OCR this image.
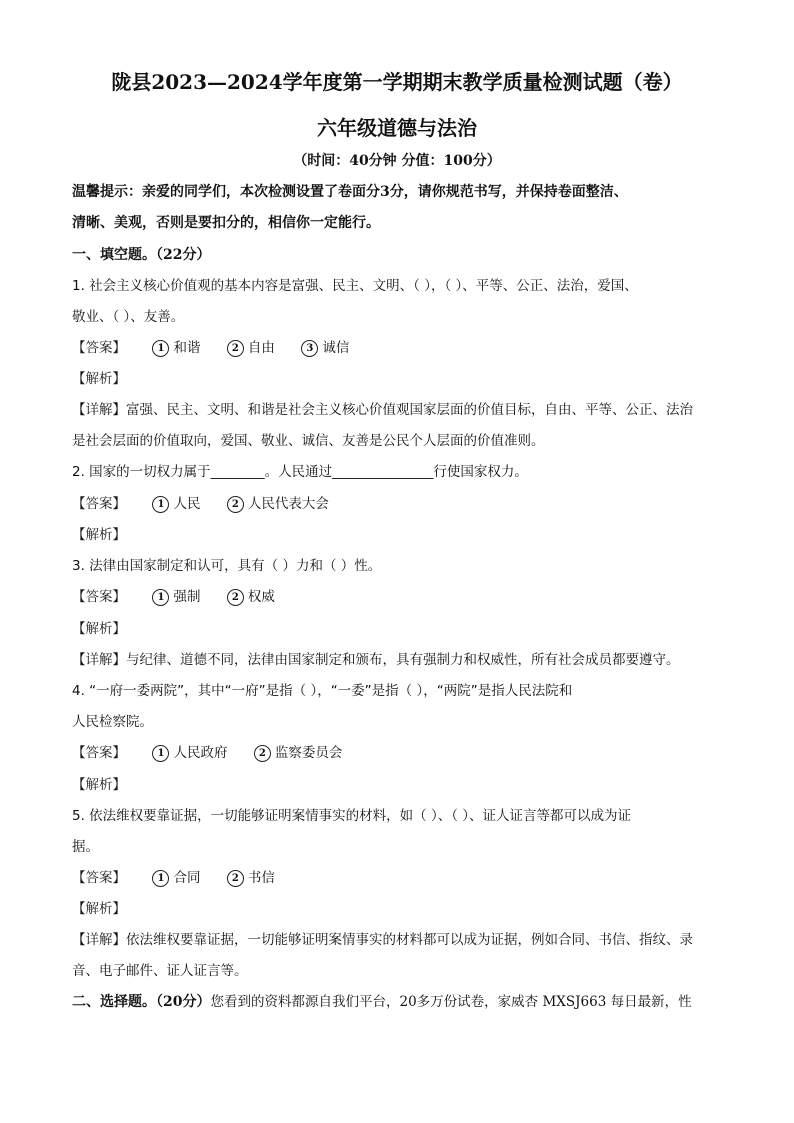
陇县2023—2024学年度第一学期期末教学质量检测试题（卷）
六年级道德与法治
（时间：40分钟 分值：100分）
温馨提示：亲爱的同学们，本次检测设置了卷面分3分，请你规范书写，并保持卷面整洁、
清晰、美观，否则是要扣分的，相信你一定能行。
一、填空题。（22分）
1. 社会主义核心价值观的基本内容是富强、民主、文明、（ ），（ ）、平等、公正、法治，爱国、
敬业、（ ）、友善。
【答案】	1 和谐	2 自由	3 诚信
【解析】
【详解】富强、民主、文明、和谐是社会主义核心价值观国家层面的价值目标，自由、平等、公正、法治
是社会层面的价值取向，爱国、敬业、诚信、友善是公民个人层面的价值准则。
2. 国家的一切权力属于________。人民通过_______________行使国家权力。
【答案】	1 人民	2 人民代表大会
【解析】
3. 法律由国家制定和认可，具有（ ）力和（ ）性。
【答案】	1 强制	2 权威
【解析】
【详解】与纪律、道德不同，法律由国家制定和颁布，具有强制力和权威性，所有社会成员都要遵守。
4. “一府一委两院”，其中“一府”是指（ ），“一委”是指（ ），“两院”是指人民法院和
人民检察院。
【答案】	1 人民政府	2 监察委员会
【解析】
5. 依法维权要靠证据，一切能够证明案情事实的材料，如（ ）、（ ）、证人证言等都可以成为证
据。
【答案】	1 合同	2 书信
【解析】
【详解】依法维权要靠证据，一切能够证明案情事实的材料都可以成为证据，例如合同、书信、指纹、录
音、电子邮件、证人证言等。
二、选择题。（20分）您看到的资料都源自我们平台，20多万份试卷，家威杏 MXSJ663 每日最新，性
